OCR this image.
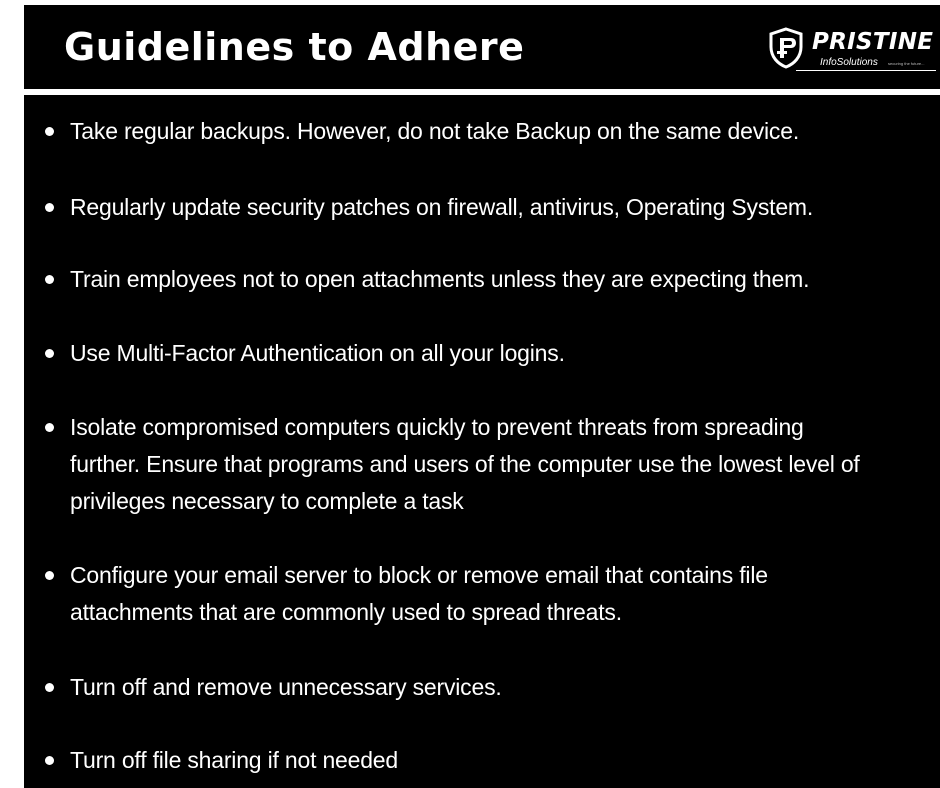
Guidelines to Adhere	PRISTINE
InfoSolutions	securing the future...
Take regular backups. However, do not take Backup on the same device.
Regularly update security patches on firewall, antivirus, Operating System.
Train employees not to open attachments unless they are expecting them.
Use Multi-Factor Authentication on all your logins.
Isolate compromised computers quickly to prevent threats from spreading
further. Ensure that programs and users of the computer use the lowest level of
privileges necessary to complete a task
Configure your email server to block or remove email that contains file
attachments that are commonly used to spread threats.
Turn off and remove unnecessary services.
Turn off file sharing if not needed
